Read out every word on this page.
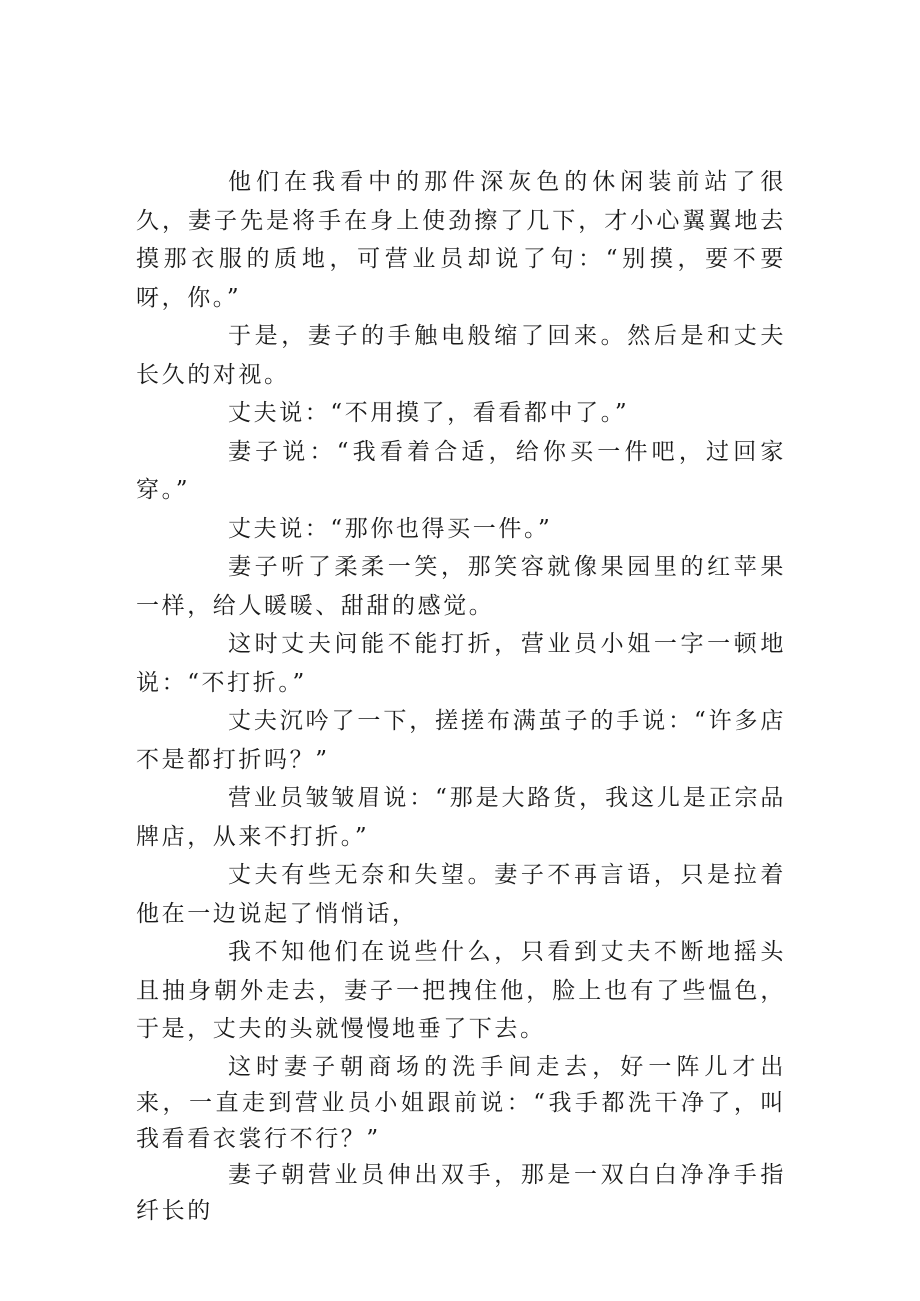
他们在我看中的那件深灰色的休闲装前站了很久，妻子先是将手在身上使劲擦了几下，才小心翼翼地去摸那衣服的质地，可营业员却说了句：“别摸，要不要呀，你。”

于是，妻子的手触电般缩了回来。然后是和丈夫长久的对视。

丈夫说：“不用摸了，看看都中了。”

妻子说：“我看着合适，给你买一件吧，过回家穿。”

丈夫说：“那你也得买一件。”

妻子听了柔柔一笑，那笑容就像果园里的红苹果一样，给人暖暖、甜甜的感觉。

这时丈夫问能不能打折，营业员小姐一字一顿地说：“不打折。”

丈夫沉吟了一下，搓搓布满茧子的手说：“许多店不是都打折吗？”

营业员皱皱眉说：“那是大路货，我这儿是正宗品牌店，从来不打折。”

丈夫有些无奈和失望。妻子不再言语，只是拉着他在一边说起了悄悄话，

我不知他们在说些什么，只看到丈夫不断地摇头且抽身朝外走去，妻子一把拽住他，脸上也有了些愠色，于是，丈夫的头就慢慢地垂了下去。

这时妻子朝商场的洗手间走去，好一阵儿才出来，一直走到营业员小姐跟前说：“我手都洗干净了，叫我看看衣裳行不行？”

妻子朝营业员伸出双手，那是一双白白净净手指纤长的
